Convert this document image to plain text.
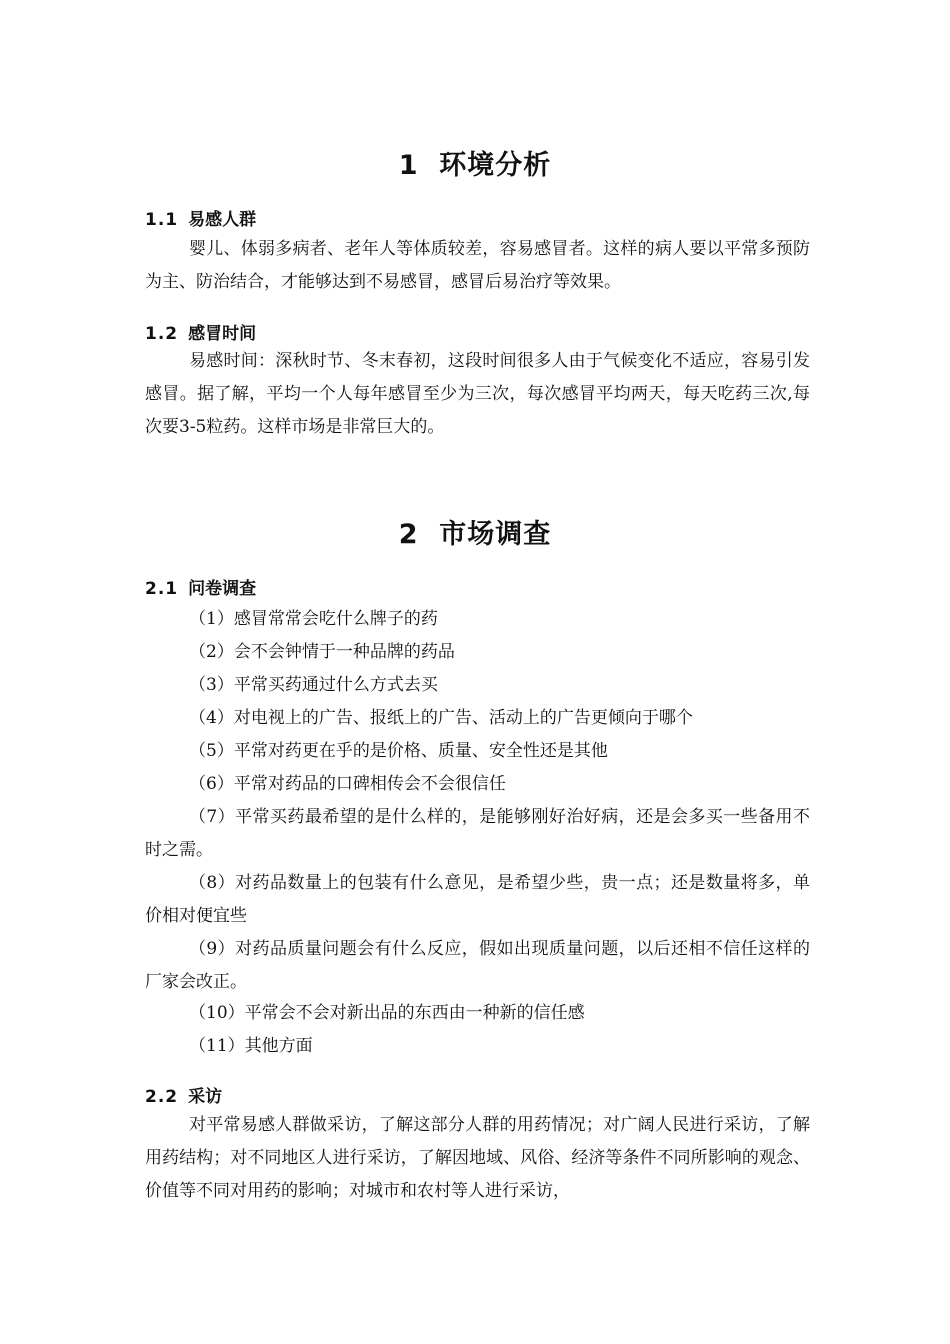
1 环境分析
1.1 易感人群

婴儿、体弱多病者、老年人等体质较差，容易感冒者。这样的病人要以平常多预防为主、防治结合，才能够达到不易感冒，感冒后易治疗等效果。

1.2 感冒时间

易感时间：深秋时节、冬末春初，这段时间很多人由于气候变化不适应，容易引发感冒。据了解，平均一个人每年感冒至少为三次，每次感冒平均两天，每天吃药三次,每次要3-5粒药。这样市场是非常巨大的。

2 市场调查
2.1 问卷调查

（1）感冒常常会吃什么牌子的药

（2）会不会钟情于一种品牌的药品

（3）平常买药通过什么方式去买

（4）对电视上的广告、报纸上的广告、活动上的广告更倾向于哪个

（5）平常对药更在乎的是价格、质量、安全性还是其他

（6）平常对药品的口碑相传会不会很信任

（7）平常买药最希望的是什么样的，是能够刚好治好病，还是会多买一些备用不时之需。

（8）对药品数量上的包装有什么意见，是希望少些，贵一点；还是数量将多，单价相对便宜些

（9）对药品质量问题会有什么反应，假如出现质量问题，以后还相不信任这样的厂家会改正。

（10）平常会不会对新出品的东西由一种新的信任感

（11）其他方面

2.2 采访

对平常易感人群做采访，了解这部分人群的用药情况；对广阔人民进行采访，了解用药结构；对不同地区人进行采访，了解因地域、风俗、经济等条件不同所影响的观念、价值等不同对用药的影响；对城市和农村等人进行采访，
